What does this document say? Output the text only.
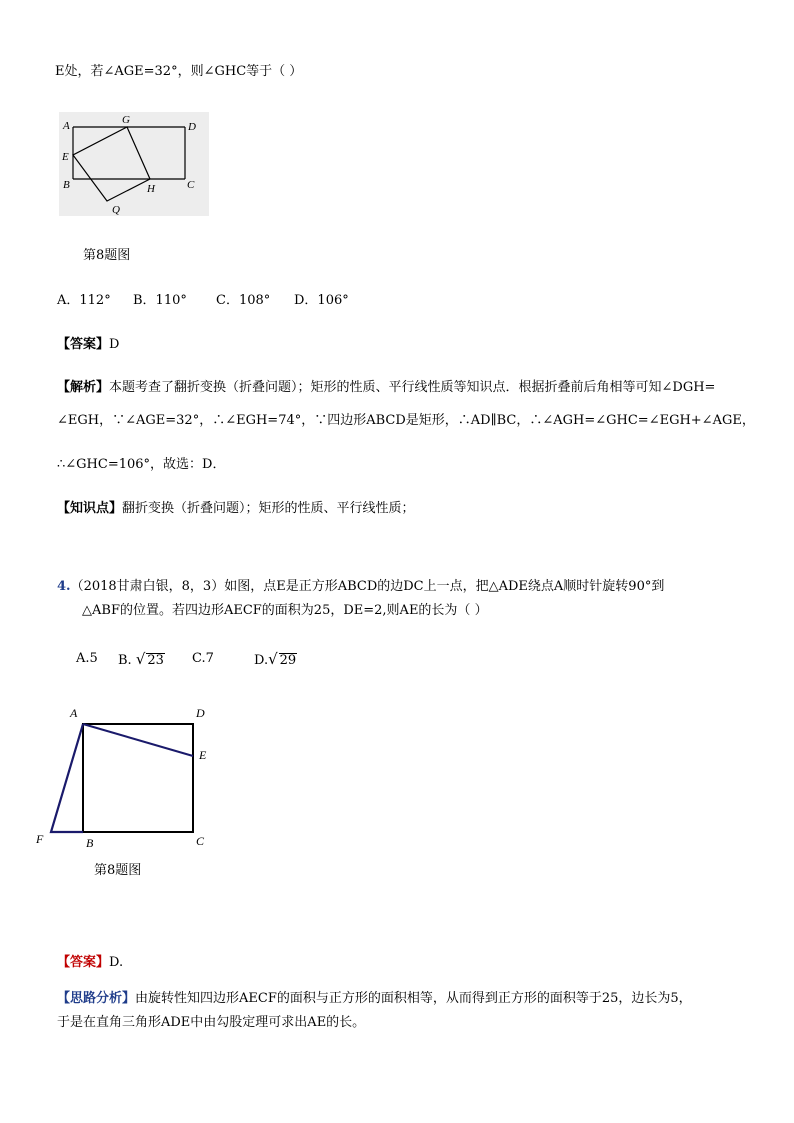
E处，若∠AGE=32°，则∠GHC等于（ ）
A	G
D
E
B	H	C
Q
第8题图
A．112° B．110° C．108° D．106°
【答案】D
【解析】本题考查了翻折变换（折叠问题）；矩形的性质、平行线性质等知识点．根据折叠前后角相等可知∠DGH=
∠EGH，∵∠AGE=32°，∴∠EGH=74°，∵四边形ABCD是矩形，∴AD∥BC，∴∠AGH=∠GHC=∠EGH+∠AGE，
∴∠GHC=106°，故选：D．
【知识点】翻折变换（折叠问题）；矩形的性质、平行线性质；
4.（2018甘肃白银，8，3）如图，点E是正方形ABCD的边DC上一点，把△ADE绕点A顺时针旋转90°到
△ABF的位置。若四边形AECF的面积为25，DE=2,则AE的长为（ ）
A.5 B. √ 23 C.7	D.√ 29
A	D
E
F	B	C
第8题图
【答案】D.
【思路分析】由旋转性知四边形AECF的面积与正方形的面积相等，从而得到正方形的面积等于25，边长为5，
于是在直角三角形ADE中由勾股定理可求出AE的长。
